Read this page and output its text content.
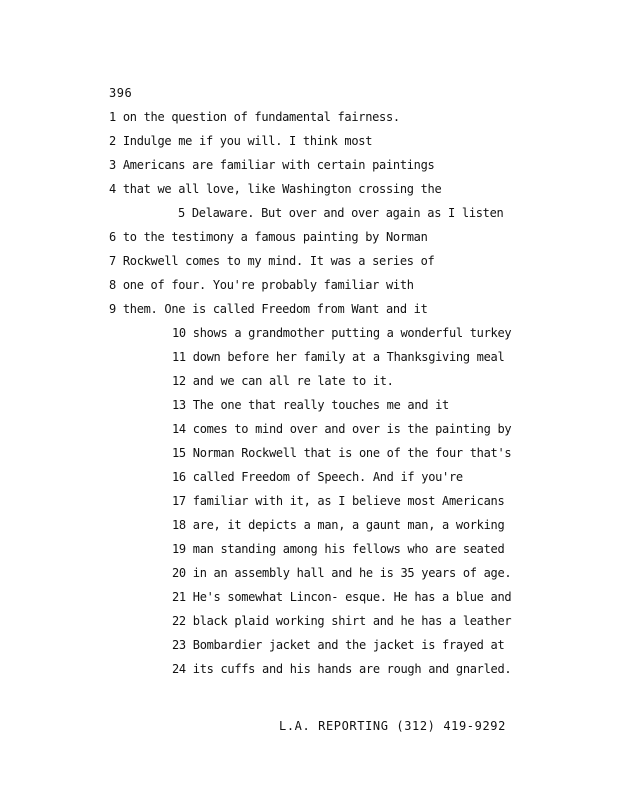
396
1 on the question of fundamental fairness.
2 Indulge me if you will. I think most
3 Americans are familiar with certain paintings
4 that we all love, like Washington crossing the
5 Delaware. But over and over again as I listen
6 to the testimony a famous painting by Norman
7 Rockwell comes to my mind. It was a series of
8 one of four. You're probably familiar with
9 them. One is called Freedom from Want and it
10 shows a grandmother putting a wonderful turkey
11 down before her family at a Thanksgiving meal
12 and we can all re late to it.
13 The one that really touches me and it
14 comes to mind over and over is the painting by
15 Norman Rockwell that is one of the four that's
16 called Freedom of Speech. And if you're
17 familiar with it, as I believe most Americans
18 are, it depicts a man, a gaunt man, a working
19 man standing among his fellows who are seated
20 in an assembly hall and he is 35 years of age.
21 He's somewhat Lincon- esque. He has a blue and
22 black plaid working shirt and he has a leather
23 Bombardier jacket and the jacket is frayed at
24 its cuffs and his hands are rough and gnarled.
L.A. REPORTING (312) 419-9292
